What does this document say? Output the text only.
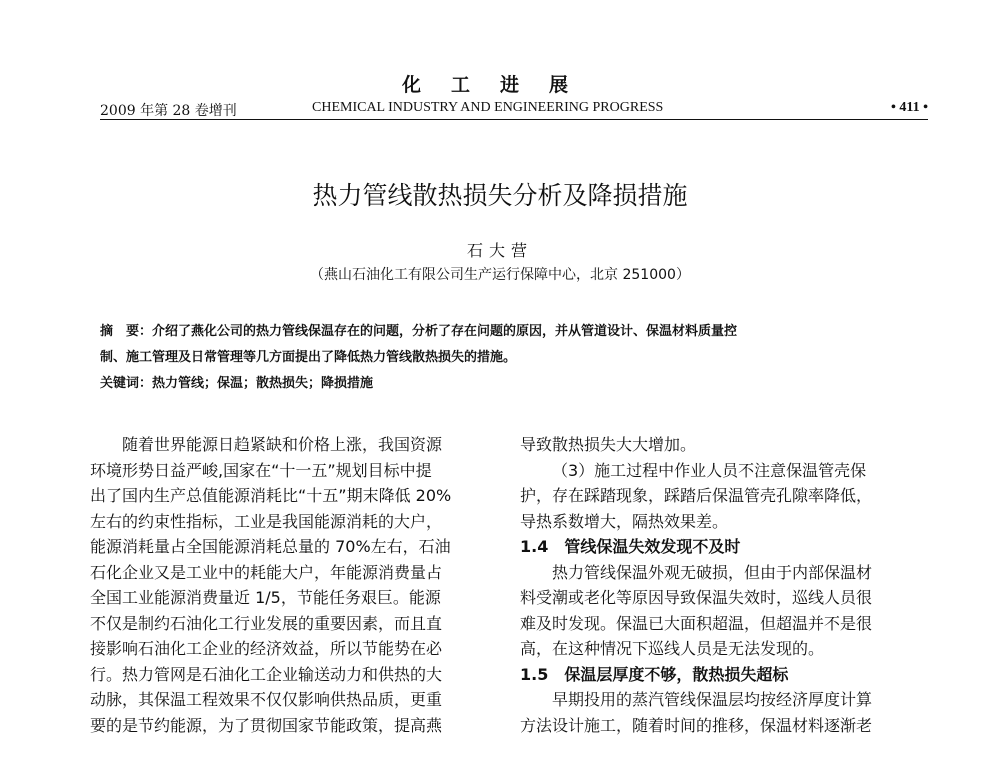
化工进展
2009 年第 28 卷增刊	CHEMICAL INDUSTRY AND ENGINEERING PROGRESS	• 411 •
热力管线散热损失分析及降损措施
石大营
（燕山石油化工有限公司生产运行保障中心，北京 251000）
摘　要：介绍了燕化公司的热力管线保温存在的问题，分析了存在问题的原因，并从管道设计、保温材料质量控
制、施工管理及日常管理等几方面提出了降低热力管线散热损失的措施。
关键词：热力管线；保温；散热损失；降损措施
随着世界能源日趋紧缺和价格上涨，我国资源
环境形势日益严峻,国家在“十一五”规划目标中提
出了国内生产总值能源消耗比“十五”期末降低 20%
左右的约束性指标，工业是我国能源消耗的大户，
能源消耗量占全国能源消耗总量的 70%左右，石油
石化企业又是工业中的耗能大户，年能源消费量占
全国工业能源消费量近 1/5，节能任务艰巨。能源
不仅是制约石油化工行业发展的重要因素，而且直
接影响石油化工企业的经济效益，所以节能势在必
行。热力管网是石油化工企业输送动力和供热的大
动脉，其保温工程效果不仅仅影响供热品质，更重
要的是节约能源，为了贯彻国家节能政策，提高燕
导致散热损失大大增加。
（3）施工过程中作业人员不注意保温管壳保
护，存在踩踏现象，踩踏后保温管壳孔隙率降低，
导热系数增大，隔热效果差。
1.4　管线保温失效发现不及时
热力管线保温外观无破损，但由于内部保温材
料受潮或老化等原因导致保温失效时，巡线人员很
难及时发现。保温已大面积超温，但超温并不是很
高，在这种情况下巡线人员是无法发现的。
1.5　保温层厚度不够，散热损失超标
早期投用的蒸汽管线保温层均按经济厚度计算
方法设计施工，随着时间的推移，保温材料逐渐老
